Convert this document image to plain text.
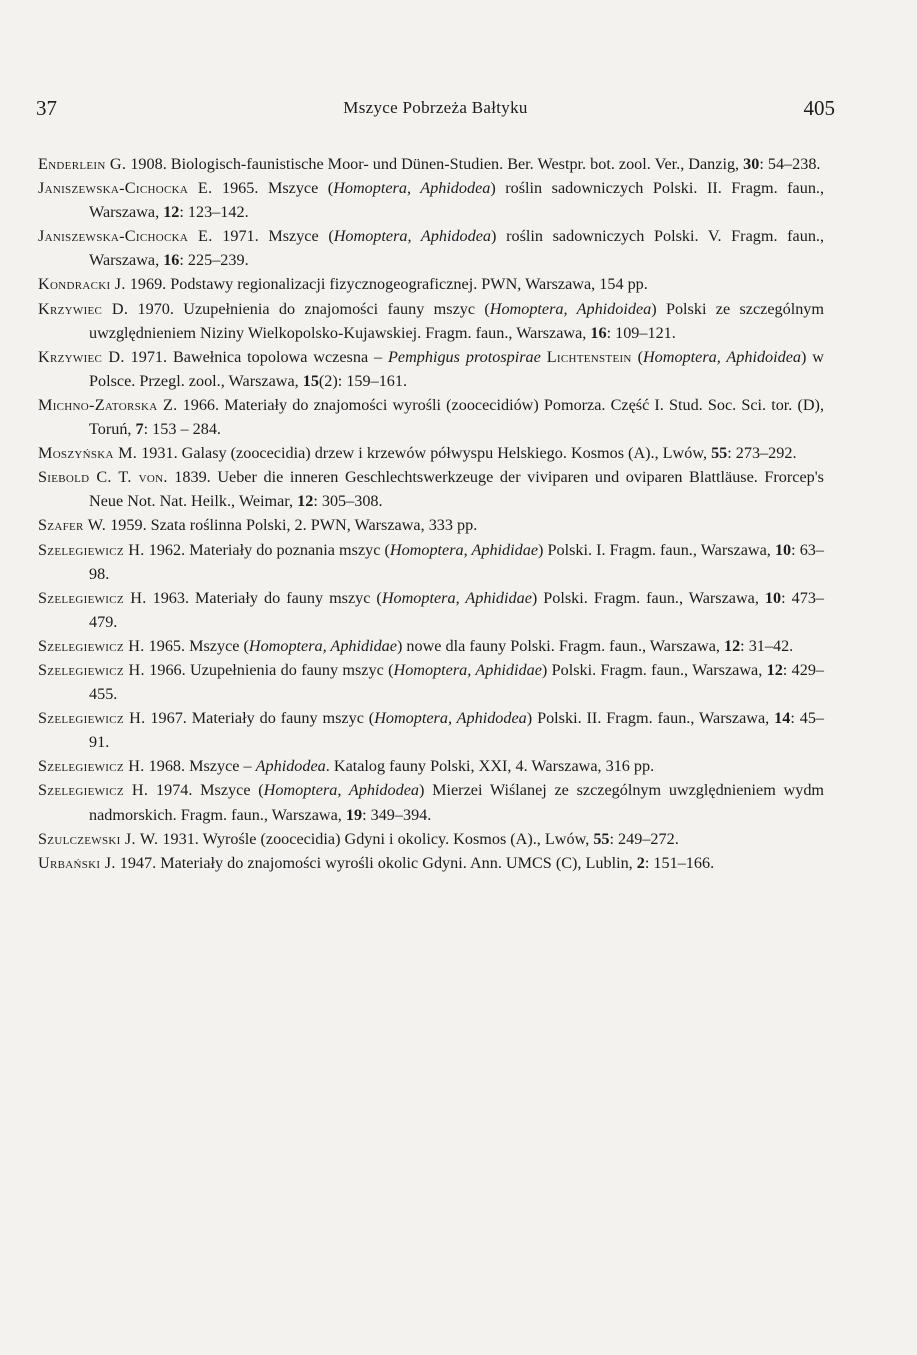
37	Mszyce Pobrzeża Bałtyku	405

Enderlein G. 1908. Biologisch-faunistische Moor- und Dünen-Studien. Ber. Westpr. bot. zool. Ver., Danzig, 30: 54–238.

Janiszewska-Cichocka E. 1965. Mszyce (Homoptera, Aphidodea) roślin sadowniczych Polski. II. Fragm. faun., Warszawa, 12: 123–142.

Janiszewska-Cichocka E. 1971. Mszyce (Homoptera, Aphidodea) roślin sadowniczych Polski. V. Fragm. faun., Warszawa, 16: 225–239.

Kondracki J. 1969. Podstawy regionalizacji fizycznogeograficznej. PWN, Warszawa, 154 pp.

Krzywiec D. 1970. Uzupełnienia do znajomości fauny mszyc (Homoptera, Aphidoidea) Polski ze szczególnym uwzględnieniem Niziny Wielkopolsko-Kujawskiej. Fragm. faun., Warszawa, 16: 109–121.

Krzywiec D. 1971. Bawełnica topolowa wczesna – Pemphigus protospirae Lichtenstein (Homoptera, Aphidoidea) w Polsce. Przegl. zool., Warszawa, 15(2): 159–161.

Michno-Zatorska Z. 1966. Materiały do znajomości wyrośli (zoocecidiów) Pomorza. Część I. Stud. Soc. Sci. tor. (D), Toruń, 7: 153 – 284.

Moszyńska M. 1931. Galasy (zoocecidia) drzew i krzewów półwyspu Helskiego. Kosmos (A)., Lwów, 55: 273–292.

Siebold C. T. von. 1839. Ueber die inneren Geschlechtswerkzeuge der viviparen und oviparen Blattläuse. Frorcep's Neue Not. Nat. Heilk., Weimar, 12: 305–308.

Szafer W. 1959. Szata roślinna Polski, 2. PWN, Warszawa, 333 pp.

Szelegiewicz H. 1962. Materiały do poznania mszyc (Homoptera, Aphididae) Polski. I. Fragm. faun., Warszawa, 10: 63–98.

Szelegiewicz H. 1963. Materiały do fauny mszyc (Homoptera, Aphididae) Polski. Fragm. faun., Warszawa, 10: 473–479.

Szelegiewicz H. 1965. Mszyce (Homoptera, Aphididae) nowe dla fauny Polski. Fragm. faun., Warszawa, 12: 31–42.

Szelegiewicz H. 1966. Uzupełnienia do fauny mszyc (Homoptera, Aphididae) Polski. Fragm. faun., Warszawa, 12: 429–455.

Szelegiewicz H. 1967. Materiały do fauny mszyc (Homoptera, Aphidodea) Polski. II. Fragm. faun., Warszawa, 14: 45–91.

Szelegiewicz H. 1968. Mszyce – Aphidodea. Katalog fauny Polski, XXI, 4. Warszawa, 316 pp.

Szelegiewicz H. 1974. Mszyce (Homoptera, Aphidodea) Mierzei Wiślanej ze szczególnym uwzględnieniem wydm nadmorskich. Fragm. faun., Warszawa, 19: 349–394.

Szulczewski J. W. 1931. Wyrośle (zoocecidia) Gdyni i okolicy. Kosmos (A)., Lwów, 55: 249–272.

Urbański J. 1947. Materiały do znajomości wyrośli okolic Gdyni. Ann. UMCS (C), Lublin, 2: 151–166.
